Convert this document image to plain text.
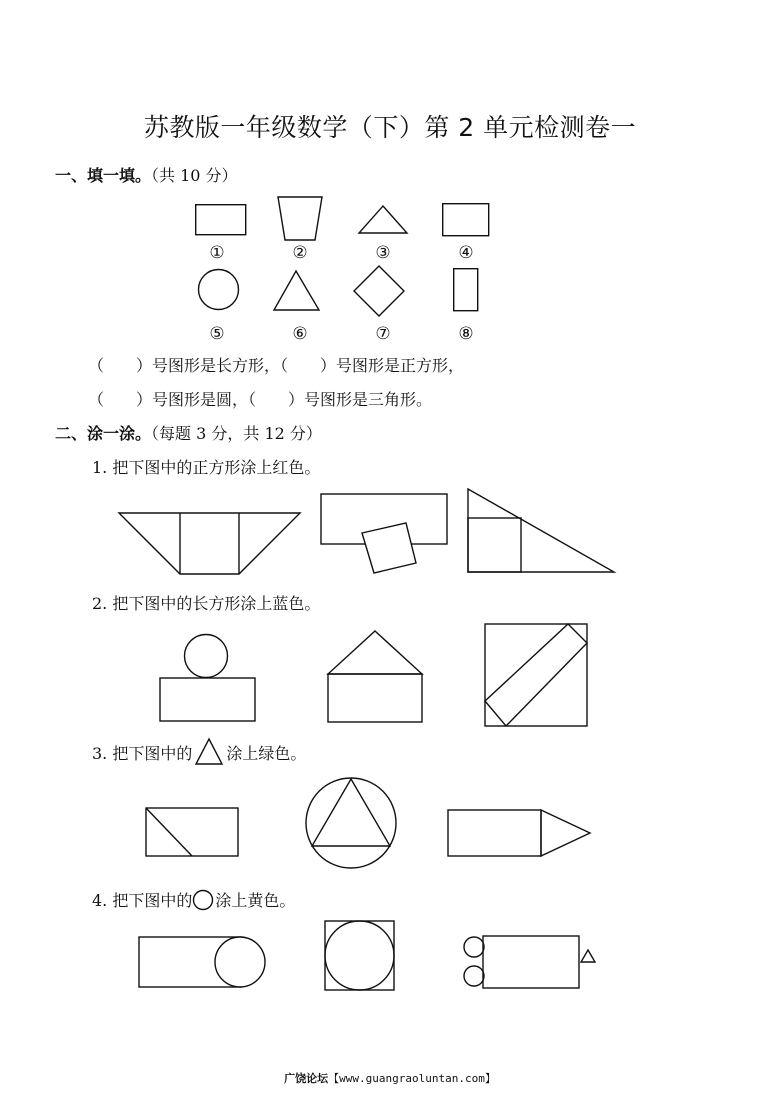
苏教版一年级数学（下）第 2 单元检测卷一
一、填一填。（共 10 分）
①	②	③	④
⑤	⑥	⑦	⑧
（　　）号图形是长方形，（　　）号图形是正方形，
（　　）号图形是圆，（　　）号图形是三角形。
二、涂一涂。（每题 3 分，共 12 分）
1. 把下图中的正方形涂上红色。
2. 把下图中的长方形涂上蓝色。
3. 把下图中的 涂上绿色。
4. 把下图中的 涂上黄色。
广饶论坛【www.guangraoluntan.com】
